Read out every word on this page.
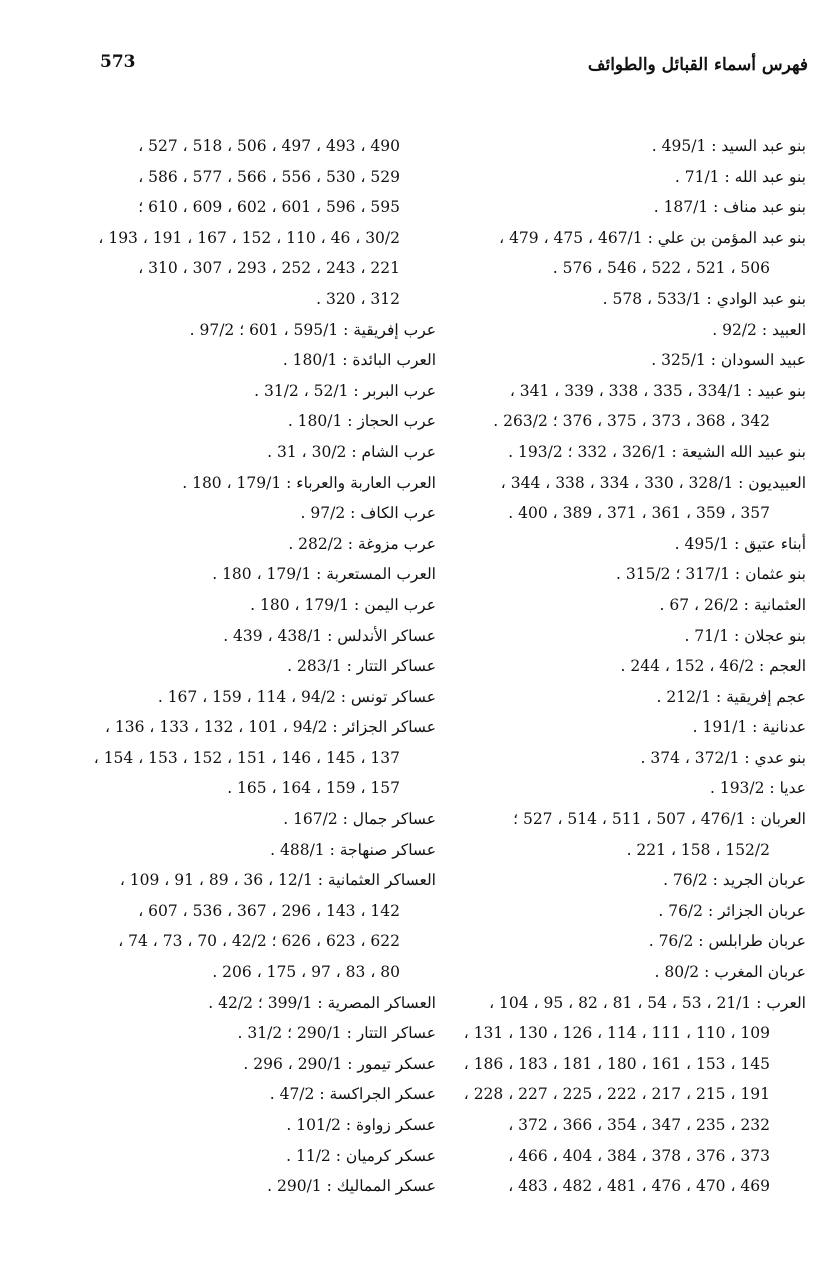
573	فهرس أسماء القبائل والطوائف
بنو عبد السيد : 495/1 .
بنو عبد الله : 71/1 .
بنو عبد مناف : 187/1 .
بنو عبد المؤمن بن علي : 467/1 ، 475 ، 479 ،
506 ، 521 ، 522 ، 546 ، 576 .
بنو عبد الوادي : 533/1 ، 578 .
العبيد : 92/2 .
عبيد السودان : 325/1 .
بنو عبيد : 334/1 ، 335 ، 338 ، 339 ، 341 ،
342 ، 368 ، 373 ، 375 ، 376 ؛ 263/2 .
بنو عبيد الله الشيعة : 326/1 ، 332 ؛ 193/2 .
العبيديون : 328/1 ، 330 ، 334 ، 338 ، 344 ،
357 ، 359 ، 361 ، 371 ، 389 ، 400 .
أبناء عتيق : 495/1 .
بنو عثمان : 317/1 ؛ 315/2 .
العثمانية : 26/2 ، 67 .
بنو عجلان : 71/1 .
العجم : 46/2 ، 152 ، 244 .
عجم إفريقية : 212/1 .
عدنانية : 191/1 .
بنو عدي : 372/1 ، 374 .
عديا : 193/2 .
العربان : 476/1 ، 507 ، 511 ، 514 ، 527 ؛
152/2 ، 158 ، 221 .
عربان الجريد : 76/2 .
عربان الجزائر : 76/2 .
عربان طرابلس : 76/2 .
عربان المغرب : 80/2 .
العرب : 21/1 ، 53 ، 54 ، 81 ، 82 ، 95 ، 104 ،
109 ، 110 ، 111 ، 114 ، 126 ، 130 ، 131 ،
145 ، 153 ، 161 ، 180 ، 181 ، 183 ، 186 ،
191 ، 215 ، 217 ، 222 ، 225 ، 227 ، 228 ،
232 ، 235 ، 347 ، 354 ، 366 ، 372 ،
373 ، 376 ، 378 ، 384 ، 404 ، 466 ،
469 ، 470 ، 476 ، 481 ، 482 ، 483 ،
490 ، 493 ، 497 ، 506 ، 518 ، 527 ،
529 ، 530 ، 556 ، 566 ، 577 ، 586 ،
595 ، 596 ، 601 ، 602 ، 609 ، 610 ؛
30/2 ، 46 ، 110 ، 152 ، 167 ، 191 ، 193 ،
221 ، 243 ، 252 ، 293 ، 307 ، 310 ،
312 ، 320 .
عرب إفريقية : 595/1 ، 601 ؛ 97/2 .
العرب البائدة : 180/1 .
عرب البربر : 52/1 ، 31/2 .
عرب الحجاز : 180/1 .
عرب الشام : 30/2 ، 31 .
العرب العاربة والعرباء : 179/1 ، 180 .
عرب الكاف : 97/2 .
عرب مزوغة : 282/2 .
العرب المستعربة : 179/1 ، 180 .
عرب اليمن : 179/1 ، 180 .
عساكر الأندلس : 438/1 ، 439 .
عساكر التتار : 283/1 .
عساكر تونس : 94/2 ، 114 ، 159 ، 167 .
عساكر الجزائر : 94/2 ، 101 ، 132 ، 133 ، 136 ،
137 ، 145 ، 146 ، 151 ، 152 ، 153 ، 154 ،
157 ، 159 ، 164 ، 165 .
عساكر جمال : 167/2 .
عساكر صنهاجة : 488/1 .
العساكر العثمانية : 12/1 ، 36 ، 89 ، 91 ، 109 ،
142 ، 143 ، 296 ، 367 ، 536 ، 607 ،
622 ، 623 ، 626 ؛ 42/2 ، 70 ، 73 ، 74 ،
80 ، 83 ، 97 ، 175 ، 206 .
العساكر المصرية : 399/1 ؛ 42/2 .
عساكر التتار : 290/1 ؛ 31/2 .
عسكر تيمور : 290/1 ، 296 .
عسكر الجراكسة : 47/2 .
عسكر زواوة : 101/2 .
عسكر كرميان : 11/2 .
عسكر المماليك : 290/1 .
